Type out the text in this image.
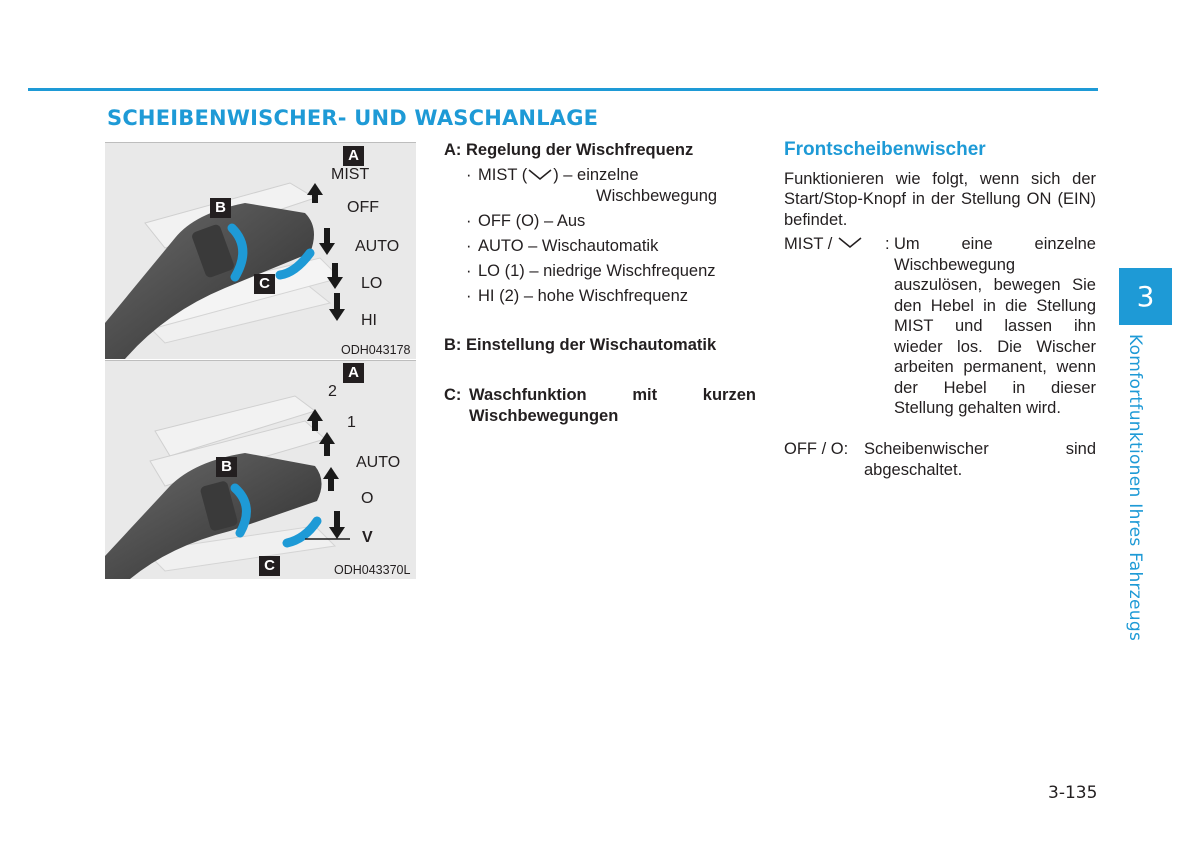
SCHEIBENWISCHER- UND WASCHANLAGE
A
B
C
MIST
OFF
AUTO
LO
HI
ODH043178
A
B
C
2
1
AUTO
O
V
ODH043370L
A: Regelung der Wischfrequenz
· MIST ( ) – einzelne
Wischbewegung
· OFF (O) – Aus
· AUTO – Wischautomatik
· LO (1) – niedrige Wischfrequenz
· HI (2) – hohe Wischfrequenz
B: Einstellung der Wischautomatik
C: Waschfunktion mit kurzen
Wischbewegungen
Frontscheibenwischer
Funktionieren wie folgt, wenn sich der Start/Stop-Knopf in der Stellung ON (EIN) befindet.
MIST /	: Um eine einzelne Wischbewegung auszulösen, bewegen Sie den Hebel in die Stellung MIST und lassen ihn wieder los. Die Wischer arbeiten permanent, wenn der Hebel in dieser Stellung gehalten wird.
OFF / O: Scheibenwischer sind abgeschaltet.
3
Komfortfunktionen Ihres Fahrzeugs
3-135
